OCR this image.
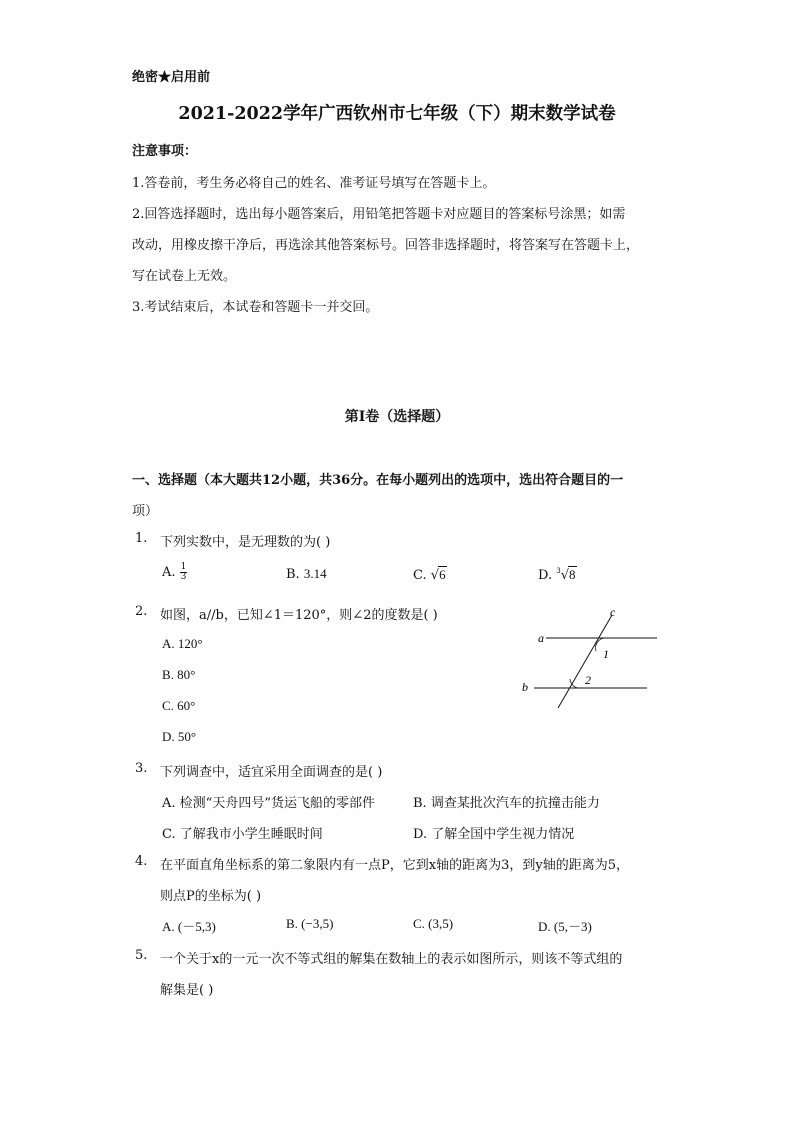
绝密★启用前
2021-2022学年广西钦州市七年级（下）期末数学试卷
注意事项：
1.答卷前，考生务必将自己的姓名、准考证号填写在答题卡上。
2.回答选择题时，选出每小题答案后，用铅笔把答题卡对应题目的答案标号涂黑；如需
改动，用橡皮擦干净后，再选涂其他答案标号。回答非选择题时，将答案写在答题卡上，
写在试卷上无效。
3.考试结束后，本试卷和答题卡一并交回。
第Ⅰ卷（选择题）
一、选择题（本大题共12小题，共36分。在每小题列出的选项中，选出符合题目的一
项）
1. 下列实数中，是无理数的为( )
A. $\frac{1}{3}$	B. 3.14	C. √6	D. $^3$√8
2. 如图，a//b，已知∠1＝120°，则∠2的度数是( )
A. 120°
B. 80°
C. 60°
D. 50°
c
a
b
1
2
3. 下列调查中，适宜采用全面调查的是( )
A. 检测“天舟四号”货运飞船的零部件	B. 调查某批次汽车的抗撞击能力
C. 了解我市小学生睡眠时间	D. 了解全国中学生视力情况
4. 在平面直角坐标系的第二象限内有一点P，它到x轴的距离为3，到y轴的距离为5，
则点P的坐标为( )
A. (－5,3)	B. (−3,5)	C. (3,5)	D. (5,－3)
5. 一个关于x的一元一次不等式组的解集在数轴上的表示如图所示，则该不等式组的
解集是( )
